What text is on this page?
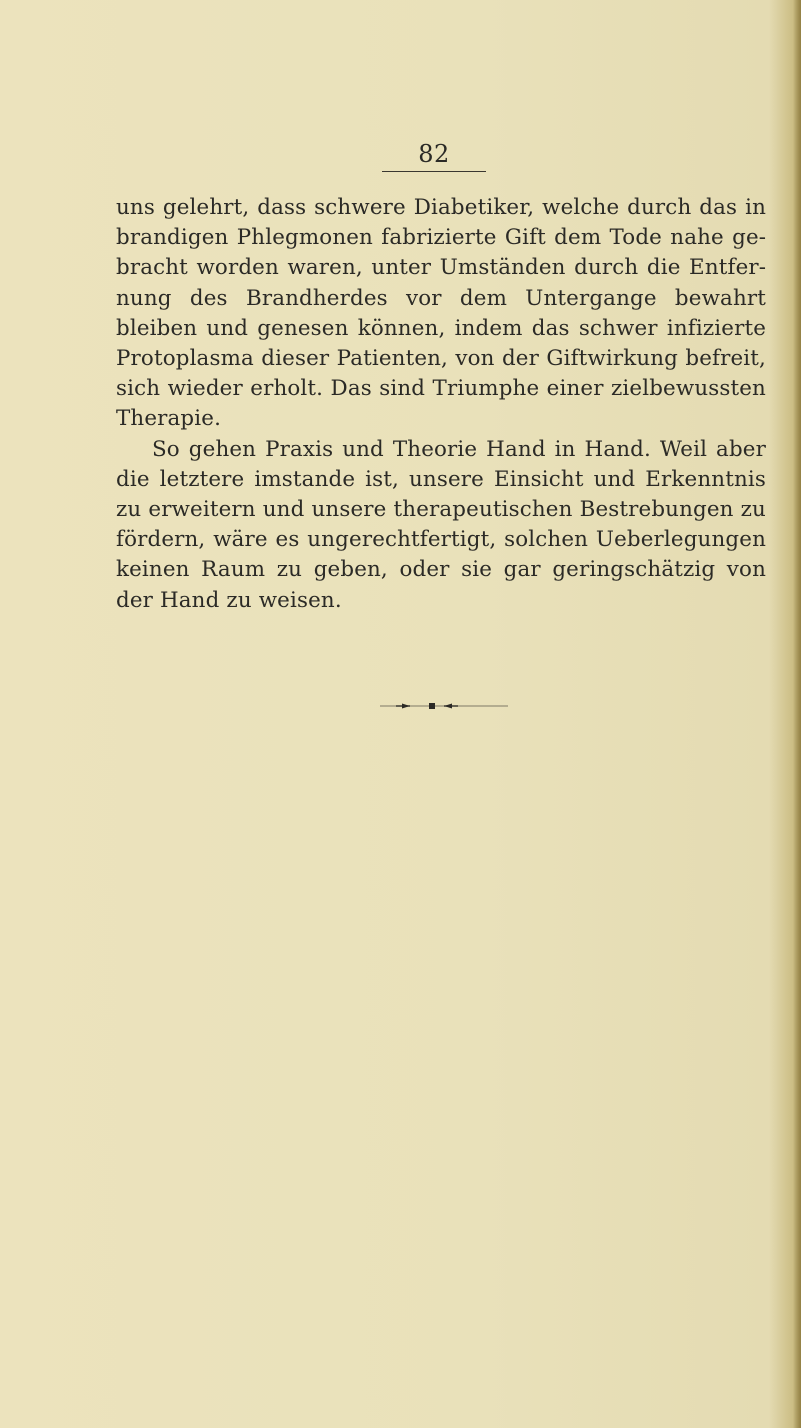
82

uns gelehrt, dass schwere Diabetiker, welche durch das in brandigen Phlegmonen fabrizierte Gift dem Tode nahe gebracht worden waren, unter Umständen durch die Entfernung des Brandherdes vor dem Untergange bewahrt bleiben und genesen können, indem das schwer infizierte Protoplasma dieser Patienten, von der Giftwirkung befreit, sich wieder erholt. Das sind Triumphe einer zielbewussten Therapie.

So gehen Praxis und Theorie Hand in Hand. Weil aber die letztere imstande ist, unsere Einsicht und Erkenntnis zu erweitern und unsere therapeutischen Bestrebungen zu fördern, wäre es ungerechtfertigt, solchen Ueberlegungen keinen Raum zu geben, oder sie gar geringschätzig von der Hand zu weisen.
